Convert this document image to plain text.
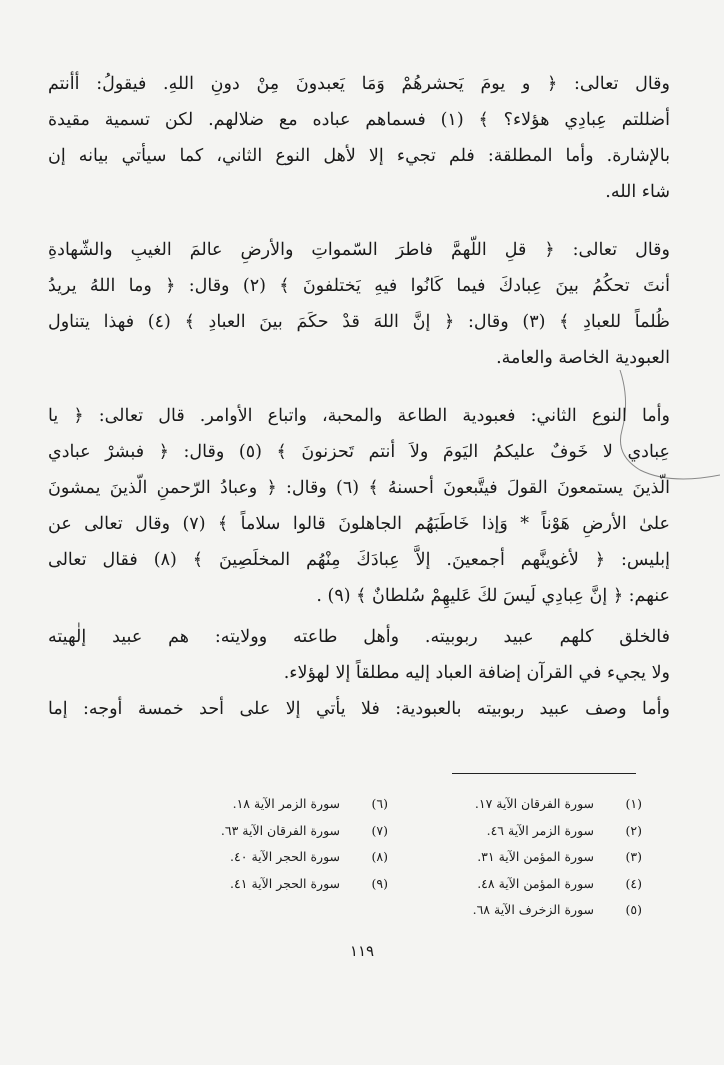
وقال تعالى: ﴿ و يومَ يَحشرهُمْ وَمَا يَعبدونَ مِنْ دونِ اللهِ. فيقولُ: أأنتم
أضللتم عِبادِي هؤلاء؟ ﴾ (١) فسماهم عباده مع ضلالهم. لكن تسمية مقيدة
بالإشارة. وأما المطلقة: فلم تجيء إلا لأهل النوع الثاني، كما سيأتي بيانه إن
شاء الله.
وقال تعالى: ﴿ قلِ اللّهمَّ فاطرَ السّمواتِ والأرضِ عالمَ الغيبِ والشّهادةِ
أنتَ تحكُمُ بينَ عِبادكَ فيما كَانُوا فيهِ يَختلفونَ ﴾ (٢) وقال: ﴿ وما اللهُ يريدُ
ظُلماً للعبادِ ﴾ (٣) وقال: ﴿ إنَّ اللهَ قدْ حكَمَ بينَ العبادِ ﴾ (٤) فهذا يتناول
العبودية الخاصة والعامة.
وأما النوع الثاني: فعبودية الطاعة والمحبة، واتباع الأوامر. قال تعالى: ﴿ يا
عِبادي لا خَوفٌ عليكمُ اليَومَ ولاَ أنتم تَحزنونَ ﴾ (٥) وقال: ﴿ فبشرْ عبادي
الّذينَ يستمعونَ القولَ فيتَّبعونَ أحسنهُ ﴾ (٦) وقال: ﴿ وعبادُ الرّحمنِ الّذينَ يمشونَ
علىٰ الأرضِ هَوْناً * وَإذا خَاطَبَهُم الجاهلونَ قالوا سلاماً ﴾ (٧) وقال تعالى عن
إبليس: ﴿ لأغوينَّهم أجمعينَ. إلاَّ عِبادَكَ مِنْهُم المخلَصِينَ ﴾ (٨) فقال تعالى
عنهم: ﴿ إنَّ عِبادِي لَيسَ لكَ عَليهِمْ سُلطانٌ ﴾ (٩) .
فالخلق كلهم عبيد ربوبيته. وأهل طاعته وولايته: هم عبيد إلٰهيته
ولا يجيء في القرآن إضافة العباد إليه مطلقاً إلا لهؤلاء.
وأما وصف عبيد ربوبيته بالعبودية: فلا يأتي إلا على أحد خمسة أوجه: إما
(١) سورة الفرقان الآية ١٧.
(٢) سورة الزمر الآية ٤٦.
(٣) سورة المؤمن الآية ٣١.
(٤) سورة المؤمن الآية ٤٨.
(٥) سورة الزخرف الآية ٦٨.
(٦) سورة الزمر الآية ١٨.
(٧) سورة الفرقان الآية ٦٣.
(٨) سورة الحجر الآية ٤٠.
(٩) سورة الحجر الآية ٤١.
١١٩
